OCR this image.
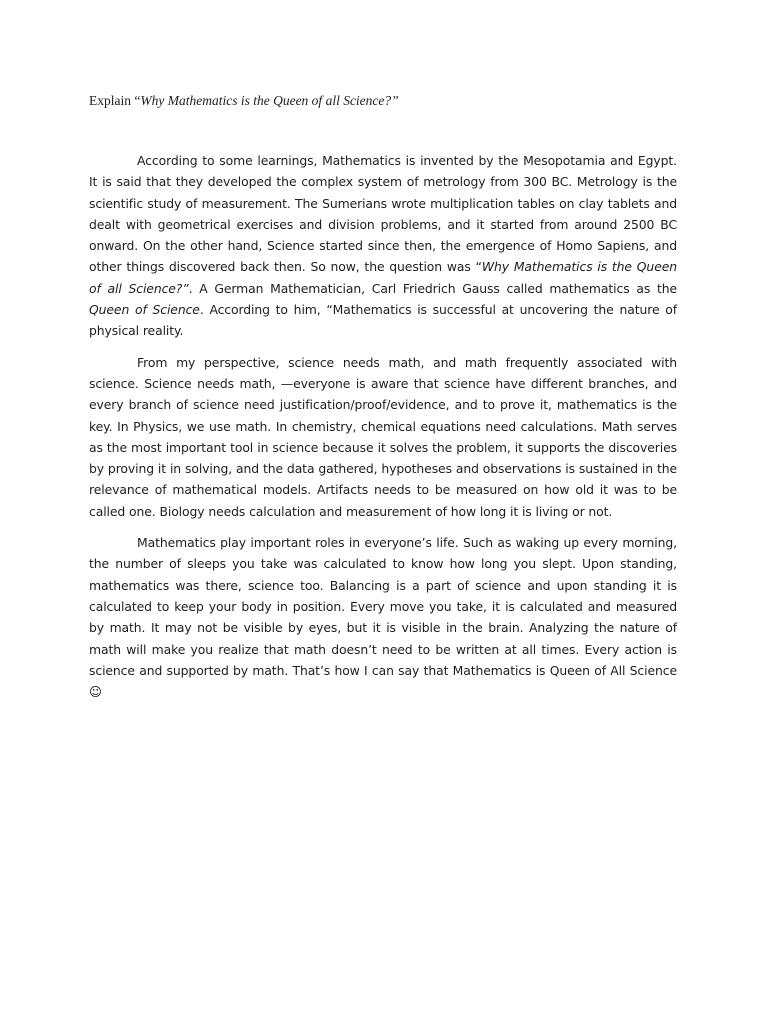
Explain “Why Mathematics is the Queen of all Science?”

According to some learnings, Mathematics is invented by the Mesopotamia and Egypt. It is said that they developed the complex system of metrology from 300 BC. Metrology is the scientific study of measurement. The Sumerians wrote multiplication tables on clay tablets and dealt with geometrical exercises and division problems, and it started from around 2500 BC onward. On the other hand, Science started since then, the emergence of Homo Sapiens, and other things discovered back then. So now, the question was “Why Mathematics is the Queen of all Science?”. A German Mathematician, Carl Friedrich Gauss called mathematics as the Queen of Science. According to him, “Mathematics is successful at uncovering the nature of physical reality.

From my perspective, science needs math, and math frequently associated with science. Science needs math, —everyone is aware that science have different branches, and every branch of science need justification/proof/evidence, and to prove it, mathematics is the key. In Physics, we use math. In chemistry, chemical equations need calculations. Math serves as the most important tool in science because it solves the problem, it supports the discoveries by proving it in solving, and the data gathered, hypotheses and observations is sustained in the relevance of mathematical models. Artifacts needs to be measured on how old it was to be called one. Biology needs calculation and measurement of how long it is living or not.

Mathematics play important roles in everyone’s life. Such as waking up every morning, the number of sleeps you take was calculated to know how long you slept. Upon standing, mathematics was there, science too. Balancing is a part of science and upon standing it is calculated to keep your body in position. Every move you take, it is calculated and measured by math. It may not be visible by eyes, but it is visible in the brain. Analyzing the nature of math will make you realize that math doesn’t need to be written at all times. Every action is science and supported by math. That’s how I can say that Mathematics is Queen of All Science ☺
